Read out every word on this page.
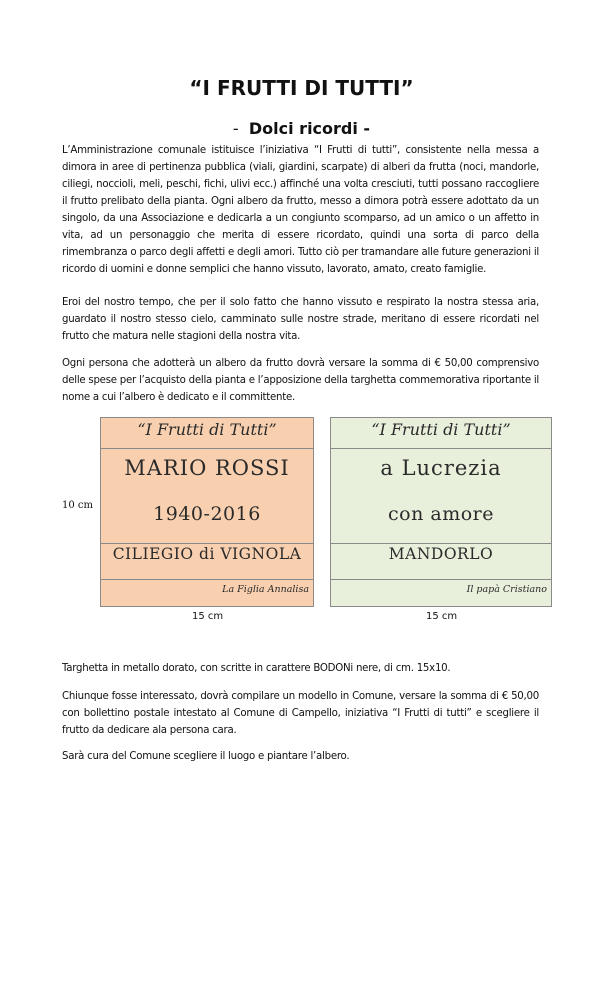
“I FRUTTI DI TUTTI”
- Dolci ricordi -

L’Amministrazione comunale istituisce l’iniziativa “I Frutti di tutti”, consistente nella messa a dimora in aree di pertinenza pubblica (viali, giardini, scarpate) di alberi da frutta (noci, mandorle, ciliegi, noccioli, meli, peschi, fichi, ulivi ecc.) affinché una volta cresciuti, tutti possano raccogliere il frutto prelibato della pianta. Ogni albero da frutto, messo a dimora potrà essere adottato da un singolo, da una Associazione e dedicarla a un congiunto scomparso, ad un amico o un affetto in vita, ad un personaggio che merita di essere ricordato, quindi una sorta di parco della rimembranza o parco degli affetti e degli amori. Tutto ciò per tramandare alle future generazioni il ricordo di uomini e donne semplici che hanno vissuto, lavorato, amato, creato famiglie.

Eroi del nostro tempo, che per il solo fatto che hanno vissuto e respirato la nostra stessa aria, guardato il nostro stesso cielo, camminato sulle nostre strade, meritano di essere ricordati nel frutto che matura nelle stagioni della nostra vita.

Ogni persona che adotterà un albero da frutto dovrà versare la somma di € 50,00 comprensivo delle spese per l’acquisto della pianta e l’apposizione della targhetta commemorativa riportante il nome a cui l’albero è dedicato e il committente.

10 cm
“I Frutti di Tutti”
MARIO ROSSI
1940-2016
CILIEGIO di VIGNOLA
La Figlia Annalisa
“I Frutti di Tutti”
a Lucrezia
con amore
MANDORLO
Il papà Cristiano
15 cm	15 cm

Targhetta in metallo dorato, con scritte in carattere BODONi nere, di cm. 15x10.

Chiunque fosse interessato, dovrà compilare un modello in Comune, versare la somma di € 50,00 con bollettino postale intestato al Comune di Campello, iniziativa “I Frutti di tutti” e scegliere il frutto da dedicare ala persona cara.

Sarà cura del Comune scegliere il luogo e piantare l’albero.
